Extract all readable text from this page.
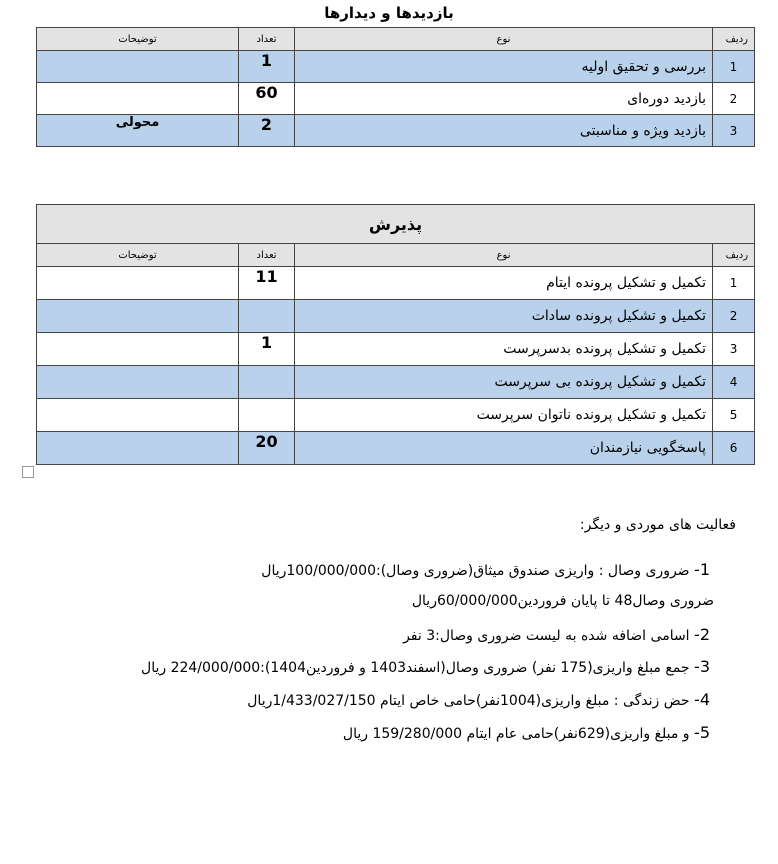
بازدیدها و دیدارها
ردیف	نوع	تعداد	توضیحات
1	بررسی و تحقیق اولیه	1	
2	بازدید دوره‌ای	60	
3	بازدید ویژه و مناسبتی	2	محولی
پذیرش			
ردیف	نوع	تعداد	توضیحات
1	تکمیل و تشکیل پرونده ایتام	11	
2	تکمیل و تشکیل پرونده سادات		
3	تکمیل و تشکیل پرونده بدسرپرست	1	
4	تکمیل و تشکیل پرونده بی سرپرست		
5	تکمیل و تشکیل پرونده ناتوان سرپرست		
6	پاسخگویی نیازمندان	20	
فعالیت های موردی و دیگر:
1- ضروری وصال : واریزی صندوق میثاق(ضروری وصال):100/000/000ریال
ضروری وصال48 تا پایان فروردین60/000/000ریال
2- اسامی اضافه شده به لیست ضروری وصال:3 نفر
3- جمع مبلغ واریزی(175 نفر) ضروری وصال(اسفند1403 و فروردین1404):224/000/000 ریال
4- حض زندگی : مبلغ واریزی(1004نفر)حامی خاص ایتام 1/433/027/150ریال
5- و مبلغ واریزی(629نفر)حامی عام ایتام 159/280/000 ریال
